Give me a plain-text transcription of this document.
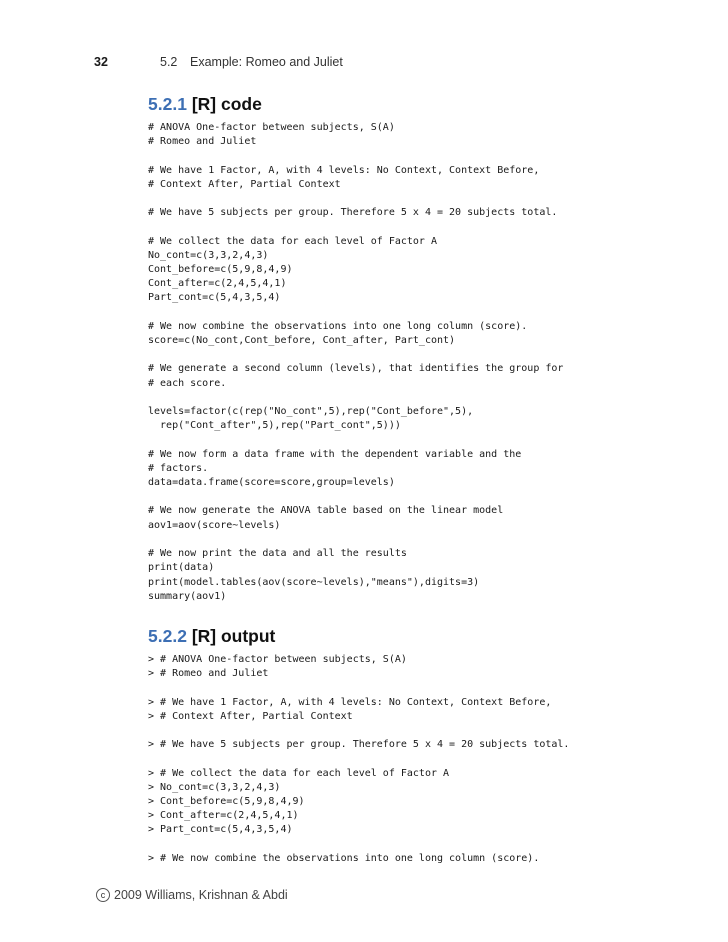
32	5.2 Example: Romeo and Juliet
5.2.1 [R] code
# ANOVA One-factor between subjects, S(A)
# Romeo and Juliet

# We have 1 Factor, A, with 4 levels: No Context, Context Before,
# Context After, Partial Context

# We have 5 subjects per group. Therefore 5 x 4 = 20 subjects total.

# We collect the data for each level of Factor A
No_cont=c(3,3,2,4,3)
Cont_before=c(5,9,8,4,9)
Cont_after=c(2,4,5,4,1)
Part_cont=c(5,4,3,5,4)

# We now combine the observations into one long column (score).
score=c(No_cont,Cont_before, Cont_after, Part_cont)

# We generate a second column (levels), that identifies the group for
# each score.

levels=factor(c(rep("No_cont",5),rep("Cont_before",5),
rep("Cont_after",5),rep("Part_cont",5)))

# We now form a data frame with the dependent variable and the
# factors.
data=data.frame(score=score,group=levels)

# We now generate the ANOVA table based on the linear model
aov1=aov(score~levels)

# We now print the data and all the results
print(data)
print(model.tables(aov(score~levels),"means"),digits=3)
summary(aov1)

5.2.2 [R] output
> # ANOVA One-factor between subjects, S(A)
> # Romeo and Juliet

> # We have 1 Factor, A, with 4 levels: No Context, Context Before,
> # Context After, Partial Context

> # We have 5 subjects per group. Therefore 5 x 4 = 20 subjects total.

> # We collect the data for each level of Factor A
> No_cont=c(3,3,2,4,3)
> Cont_before=c(5,9,8,4,9)
> Cont_after=c(2,4,5,4,1)
> Part_cont=c(5,4,3,5,4)

> # We now combine the observations into one long column (score).

c 2009 Williams, Krishnan & Abdi
